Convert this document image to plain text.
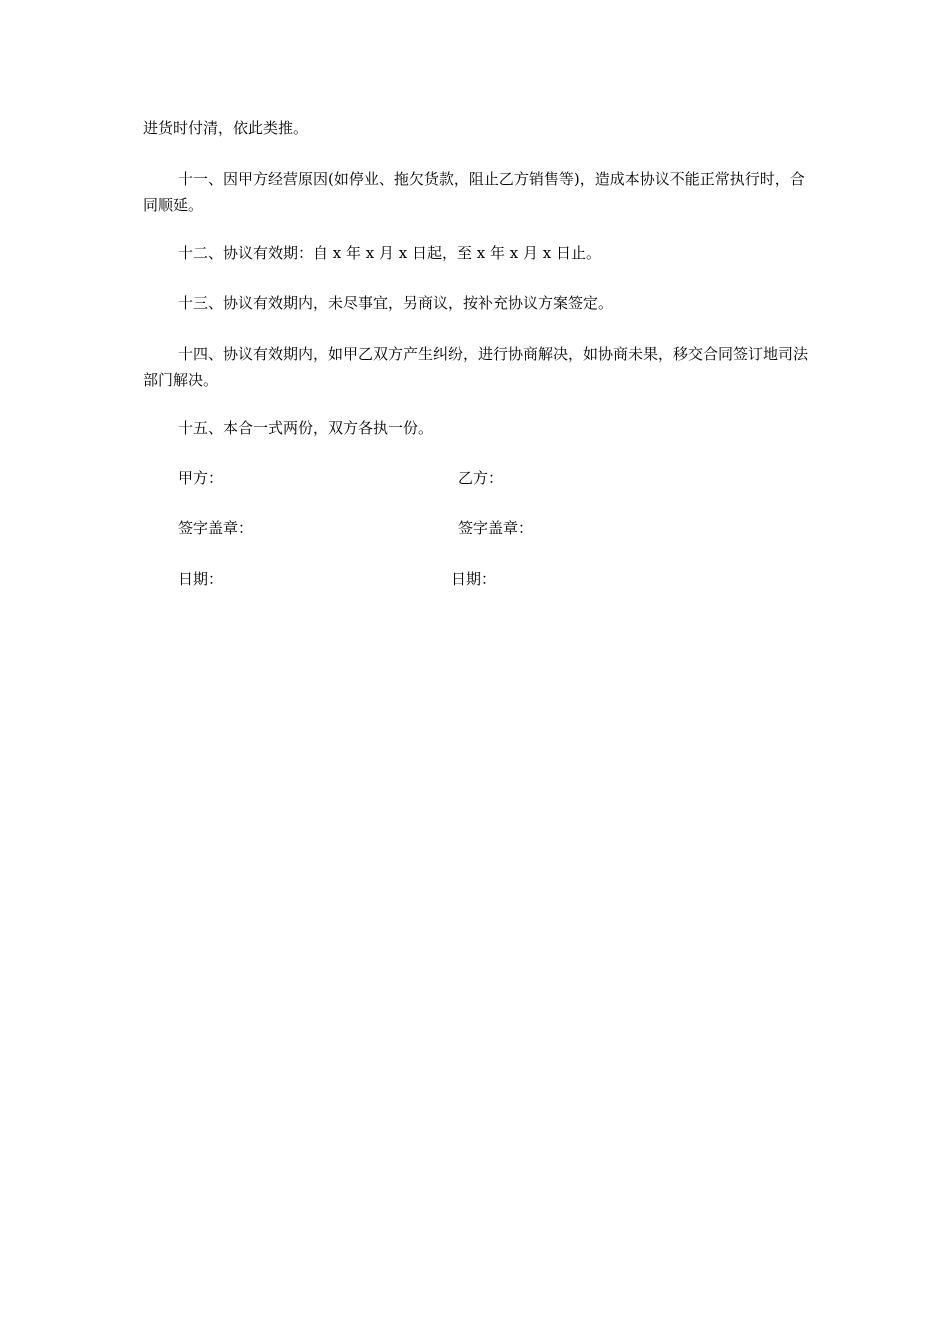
进货时付清，依此类推。

十一、因甲方经营原因(如停业、拖欠货款，阻止乙方销售等)，造成本协议不能正常执行时，合同顺延。

十二、协议有效期：自 x 年 x 月 x 日起，至 x 年 x 月 x 日止。

十三、协议有效期内，未尽事宜，另商议，按补充协议方案签定。

十四、协议有效期内，如甲乙双方产生纠纷，进行协商解决，如协商未果，移交合同签订地司法部门解决。

十五、本合一式两份，双方各执一份。

甲方：	乙方：

签字盖章：	签字盖章：

日期：	日期：
